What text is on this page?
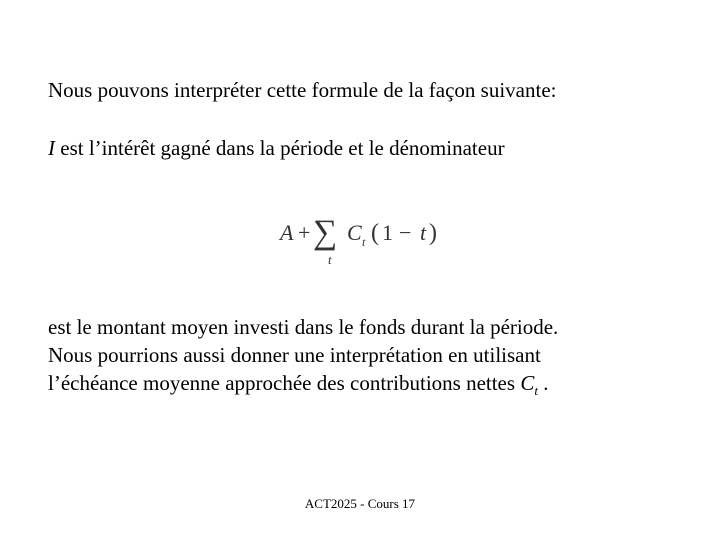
Nous pouvons interpréter cette formule de la façon suivante:
I est l’intérêt gagné dans la période et le dénominateur
A + ∑
t
C t ( 1 − t )
est le montant moyen investi dans le fonds durant la période.
Nous pourrions aussi donner une interprétation en utilisant
l’échéance moyenne approchée des contributions nettes $C_t$ .
ACT2025 - Cours 17
